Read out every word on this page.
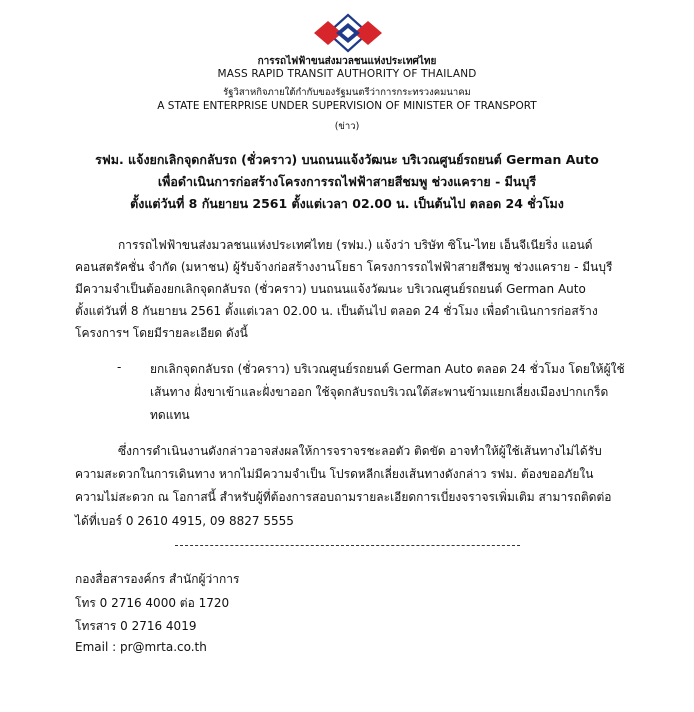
การรถไฟฟ้าขนส่งมวลชนแห่งประเทศไทย
MASS RAPID TRANSIT AUTHORITY OF THAILAND
รัฐวิสาหกิจภายใต้กำกับของรัฐมนตรีว่าการกระทรวงคมนาคม
A STATE ENTERPRISE UNDER SUPERVISION OF MINISTER OF TRANSPORT
(ข่าว)
รฟม. แจ้งยกเลิกจุดกลับรถ (ชั่วคราว) บนถนนแจ้งวัฒนะ บริเวณศูนย์รถยนต์ German Auto
เพื่อดำเนินการก่อสร้างโครงการรถไฟฟ้าสายสีชมพู ช่วงแคราย - มีนบุรี
ตั้งแต่วันที่ 8 กันยายน 2561 ตั้งแต่เวลา 02.00 น. เป็นต้นไป ตลอด 24 ชั่วโมง
การรถไฟฟ้าขนส่งมวลชนแห่งประเทศไทย (รฟม.) แจ้งว่า บริษัท ซิโน-ไทย เอ็นจีเนียริ่ง แอนด์
คอนสตรัคชั่น จำกัด (มหาชน) ผู้รับจ้างก่อสร้างงานโยธา โครงการรถไฟฟ้าสายสีชมพู ช่วงแคราย - มีนบุรี
มีความจำเป็นต้องยกเลิกจุดกลับรถ (ชั่วคราว) บนถนนแจ้งวัฒนะ บริเวณศูนย์รถยนต์ German Auto
ตั้งแต่วันที่ 8 กันยายน 2561 ตั้งแต่เวลา 02.00 น. เป็นต้นไป ตลอด 24 ชั่วโมง เพื่อดำเนินการก่อสร้าง
โครงการฯ โดยมีรายละเอียด ดังนี้
- ยกเลิกจุดกลับรถ (ชั่วคราว) บริเวณศูนย์รถยนต์ German Auto ตลอด 24 ชั่วโมง โดยให้ผู้ใช้
เส้นทาง ฝั่งขาเข้าและฝั่งขาออก ใช้จุดกลับรถบริเวณใต้สะพานข้ามแยกเลี่ยงเมืองปากเกร็ด
ทดแทน
ซึ่งการดำเนินงานดังกล่าวอาจส่งผลให้การจราจรชะลอตัว ติดขัด อาจทำให้ผู้ใช้เส้นทางไม่ได้รับ
ความสะดวกในการเดินทาง หากไม่มีความจำเป็น โปรดหลีกเลี่ยงเส้นทางดังกล่าว รฟม. ต้องขออภัยใน
ความไม่สะดวก ณ โอกาสนี้ สำหรับผู้ที่ต้องการสอบถามรายละเอียดการเบี่ยงจราจรเพิ่มเติม สามารถติดต่อ
ได้ที่เบอร์ 0 2610 4915, 09 8827 5555
กองสื่อสารองค์กร สำนักผู้ว่าการ
โทร 0 2716 4000 ต่อ 1720
โทรสาร 0 2716 4019
Email : pr@mrta.co.th
